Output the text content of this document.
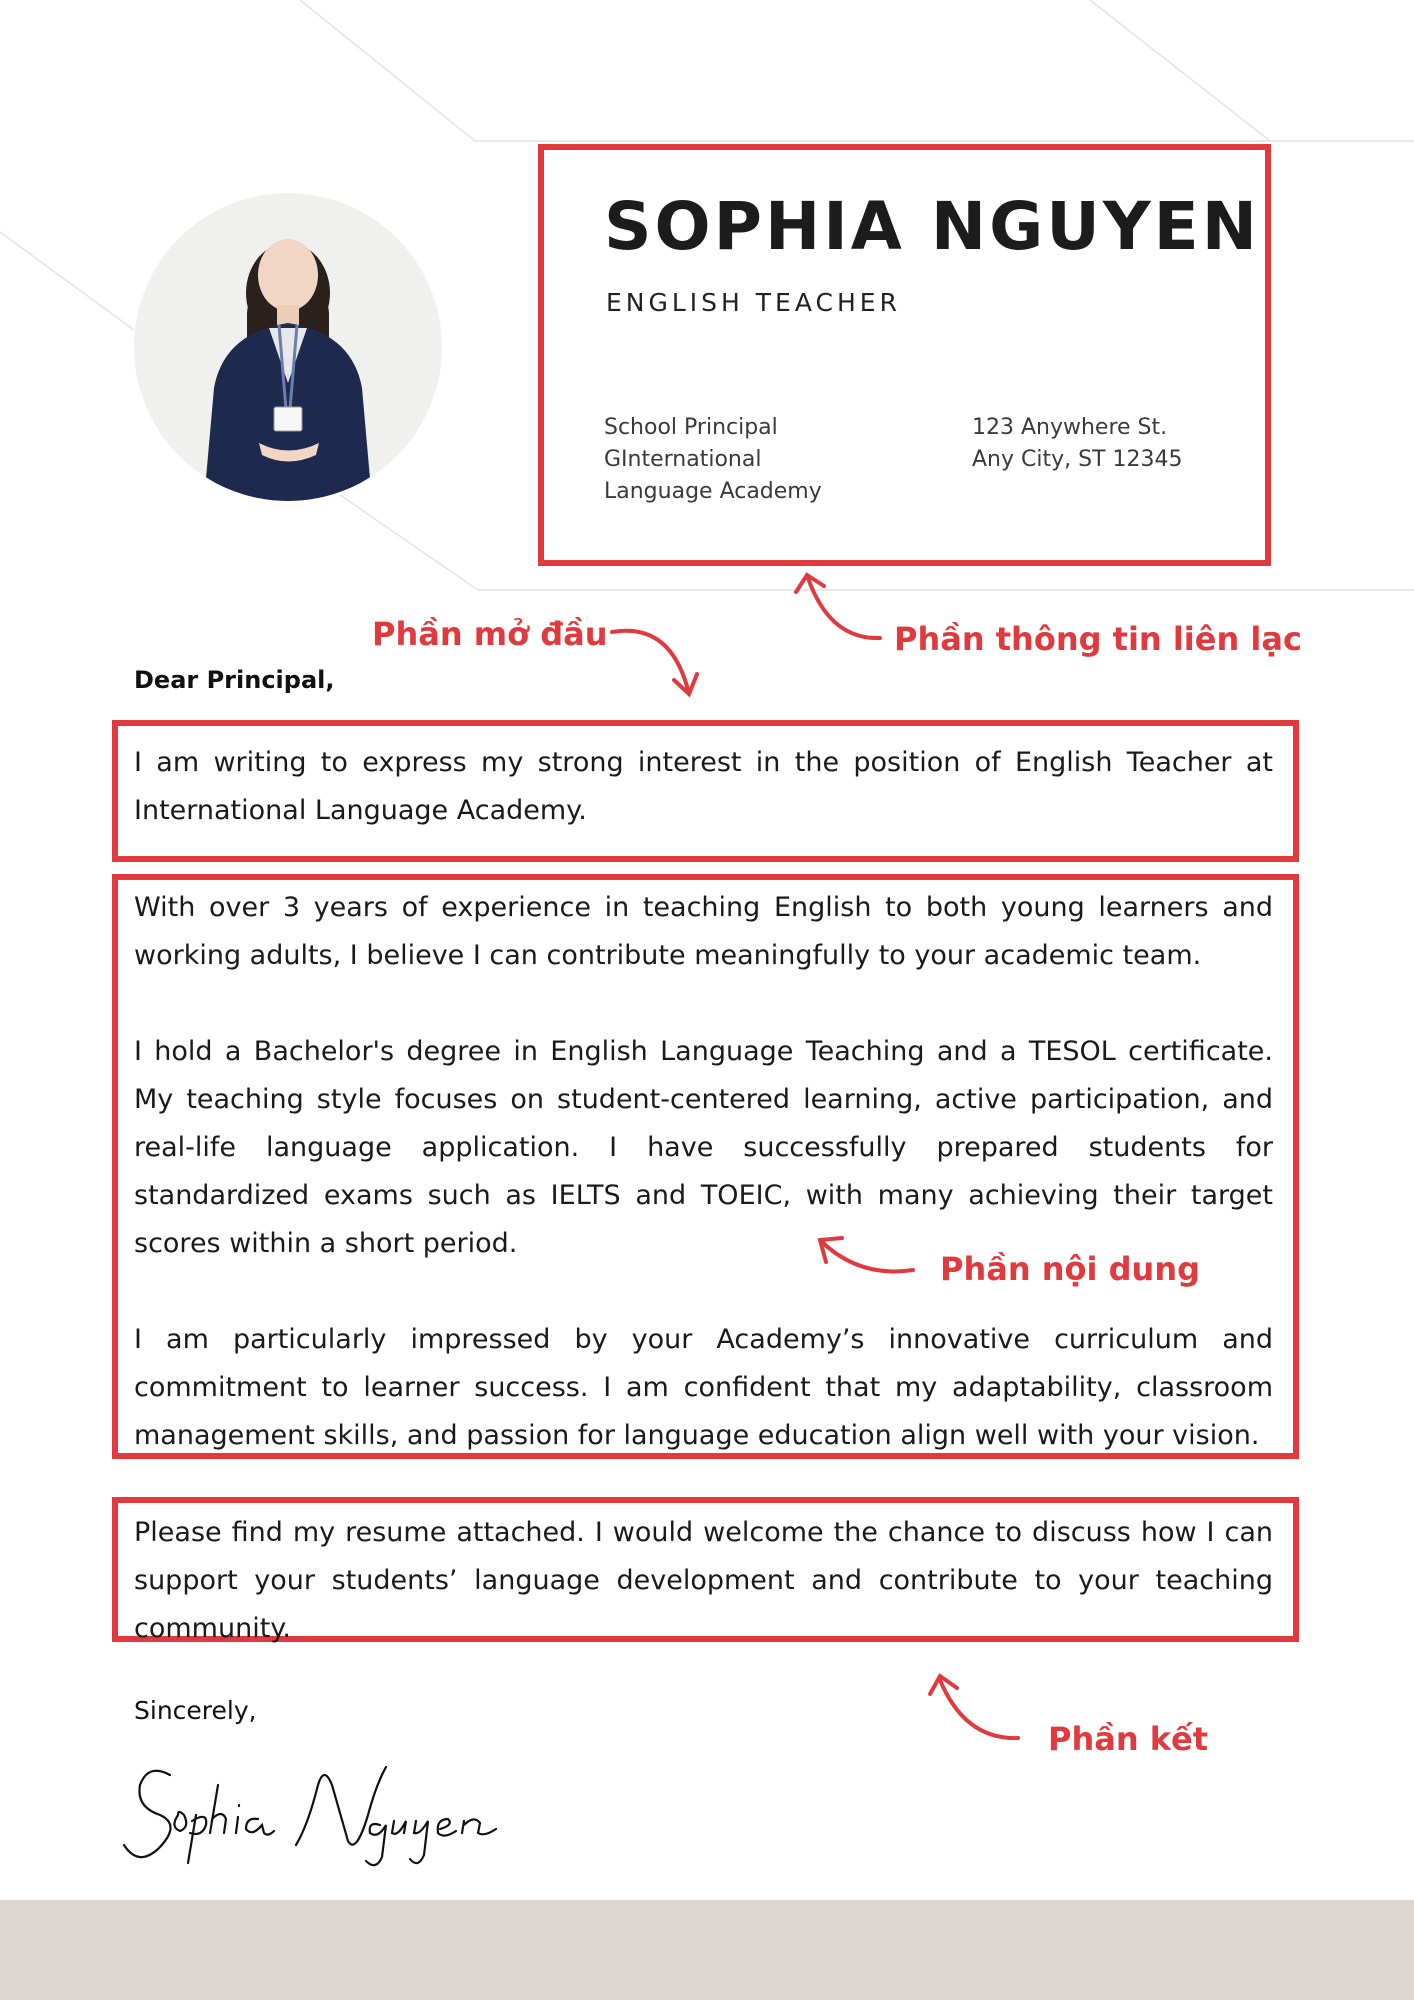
SOPHIA NGUYEN
ENGLISH TEACHER
School Principal
GInternational
Language Academy
123 Anywhere St.
Any City, ST 12345
Phần thông tin liên lạc
Phần mở đầu
Phần nội dung
Phần kết
Dear Principal,

I am writing to express my strong interest in the position of English Teacher at International Language Academy.

With over 3 years of experience in teaching English to both young learners and working adults, I believe I can contribute meaningfully to your academic team.

I hold a Bachelor's degree in English Language Teaching and a TESOL certificate. My teaching style focuses on student-centered learning, active participation, and real-life language application. I have successfully prepared students for standardized exams such as IELTS and TOEIC, with many achieving their target scores within a short period.

I am particularly impressed by your Academy’s innovative curriculum and commitment to learner success. I am confident that my adaptability, classroom management skills, and passion for language education align well with your vision.

Please find my resume attached. I would welcome the chance to discuss how I can support your students’ language development and contribute to your teaching community.

Sincerely,
